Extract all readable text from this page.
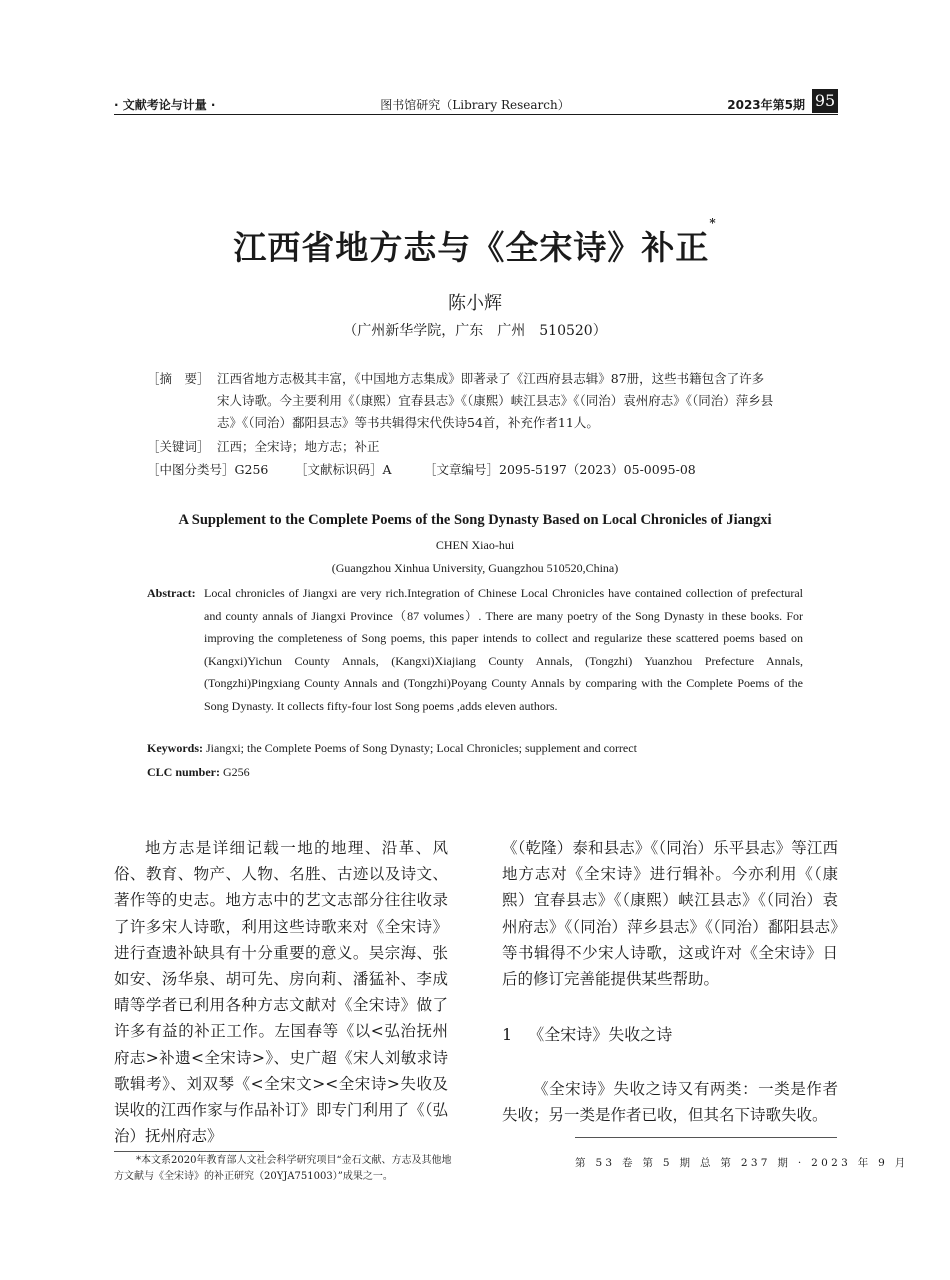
· 文献考论与计量 ·	图书馆研究（Library Research）	2023年第5期 95
江西省地方志与《全宋诗》补正*
陈小辉
（广州新华学院，广东　广州　510520）
［摘　要］ 江西省地方志极其丰富，《中国地方志集成》即著录了《江西府县志辑》87册，这些书籍包含了许多
宋人诗歌。今主要利用《（康熙）宜春县志》《（康熙）峡江县志》《（同治）袁州府志》《（同治）萍乡县
志》《（同治）鄱阳县志》等书共辑得宋代佚诗54首，补充作者11人。
［关键词］ 江西；全宋诗；地方志；补正
［中图分类号］G256 ［文献标识码］A	［文章编号］2095-5197（2023）05-0095-08
A Supplement to the Complete Poems of the Song Dynasty Based on Local Chronicles of Jiangxi
CHEN Xiao-hui
(Guangzhou Xinhua University, Guangzhou 510520,China)
Abstract: Local chronicles of Jiangxi are very rich.Integration of Chinese Local Chronicles have contained collection of prefectural and county annals of Jiangxi Province（87 volumes）. There are many poetry of the Song Dynasty in these books. For improving the completeness of Song poems, this paper intends to collect and regularize these scattered poems based on (Kangxi)Yichun County Annals, (Kangxi)Xiajiang County Annals, (Tongzhi) Yuanzhou Prefecture Annals, (Tongzhi)Pingxiang County Annals and (Tongzhi)Poyang County Annals by comparing with the Complete Poems of the Song Dynasty. It collects fifty-four lost Song poems ,adds eleven authors.
Keywords: Jiangxi; the Complete Poems of Song Dynasty; Local Chronicles; supplement and correct
CLC number: G256
地方志是详细记载一地的地理、沿革、风俗、教育、物产、人物、名胜、古迹以及诗文、著作等的史志。地方志中的艺文志部分往往收录了许多宋人诗歌，利用这些诗歌来对《全宋诗》进行查遗补缺具有十分重要的意义。吴宗海、张如安、汤华泉、胡可先、房向莉、潘猛补、李成晴等学者已利用各种方志文献对《全宋诗》做了许多有益的补正工作。左国春等《以<弘治抚州府志>补遗<全宋诗>》、史广超《宋人刘敏求诗歌辑考》、刘双琴《<全宋文><全宋诗>失收及误收的江西作家与作品补订》即专门利用了《（弘治）抚州府志》
《（乾隆）泰和县志》《（同治）乐平县志》等江西地方志对《全宋诗》进行辑补。今亦利用《（康熙）宜春县志》《（康熙）峡江县志》《（同治）袁州府志》《（同治）萍乡县志》《（同治）鄱阳县志》等书辑得不少宋人诗歌，这或许对《全宋诗》日后的修订完善能提供某些帮助。
1 《全宋诗》失收之诗
《全宋诗》失收之诗又有两类：一类是作者失收；另一类是作者已收，但其名下诗歌失收。
*本文系2020年教育部人文社会科学研究项目“金石文献、方志及其他地方文献与《全宋诗》的补正研究（20YJA751003）”成果之一。
第 53 卷 第 5 期 总 第 237 期 · 2023 年 9 月
